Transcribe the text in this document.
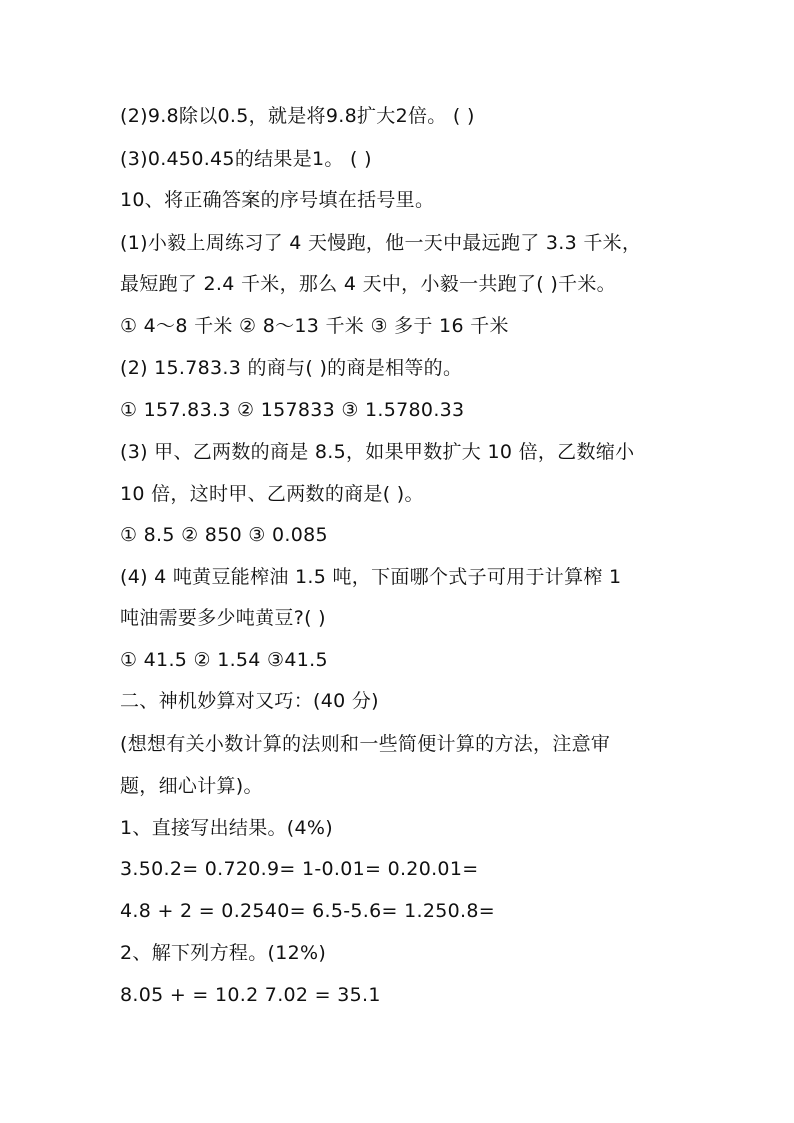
(2)9.8除以0.5，就是将9.8扩大2倍。 ( )
(3)0.450.45的结果是1。 ( )
10、将正确答案的序号填在括号里。
(1)小毅上周练习了 4 天慢跑，他一天中最远跑了 3.3 千米，
最短跑了 2.4 千米，那么 4 天中，小毅一共跑了( )千米。
① 4～8 千米 ② 8～13 千米 ③ 多于 16 千米
(2) 15.783.3 的商与( )的商是相等的。
① 157.83.3 ② 157833 ③ 1.5780.33
(3) 甲、乙两数的商是 8.5，如果甲数扩大 10 倍，乙数缩小
10 倍，这时甲、乙两数的商是( )。
① 8.5 ② 850 ③ 0.085
(4) 4 吨黄豆能榨油 1.5 吨，下面哪个式子可用于计算榨 1
吨油需要多少吨黄豆?( )
① 41.5 ② 1.54 ③41.5
二、神机妙算对又巧：(40 分)
(想想有关小数计算的法则和一些简便计算的方法，注意审
题，细心计算)。
1、直接写出结果。(4%)
3.50.2= 0.720.9= 1-0.01= 0.20.01=
4.8 + 2 = 0.2540= 6.5-5.6= 1.250.8=
2、解下列方程。(12%)
8.05 + = 10.2 7.02 = 35.1
